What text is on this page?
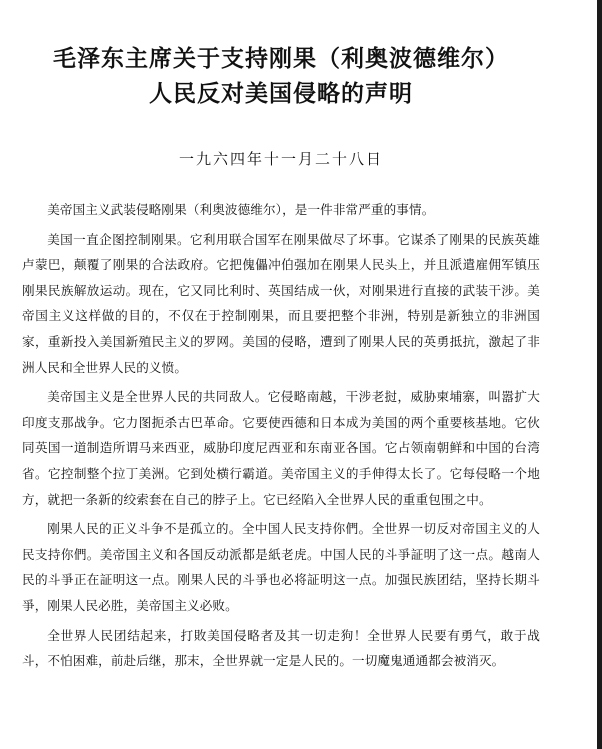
毛泽东主席关于支持刚果（利奥波德维尔）
人民反对美国侵略的声明
一九六四年十一月二十八日

美帝国主义武装侵略刚果（利奥波德维尔），是一件非常严重的事情。

美国一直企图控制刚果。它利用联合国军在刚果做尽了坏事。它谋杀了刚果的民族英雄卢蒙巴，颠覆了刚果的合法政府。它把傀儡冲伯强加在刚果人民头上，并且派遣雇佣军镇压刚果民族解放运动。现在，它又同比利时、英国结成一伙，对刚果进行直接的武装干涉。美帝国主义这样做的目的，不仅在于控制刚果，而且要把整个非洲，特别是新独立的非洲国家，重新投入美国新殖民主义的罗网。美国的侵略，遭到了刚果人民的英勇抵抗，激起了非洲人民和全世界人民的义愤。

美帝国主义是全世界人民的共同敌人。它侵略南越，干涉老挝，威胁柬埔寨，叫嚣扩大印度支那战争。它力图扼杀古巴革命。它要使西德和日本成为美国的两个重要核基地。它伙同英国一道制造所谓马来西亚，威胁印度尼西亚和东南亚各国。它占领南朝鲜和中国的台湾省。它控制整个拉丁美洲。它到处横行霸道。美帝国主义的手伸得太长了。它每侵略一个地方，就把一条新的绞索套在自己的脖子上。它已经陷入全世界人民的重重包围之中。

刚果人民的正义斗争不是孤立的。全中国人民支持你們。全世界一切反对帝国主义的人民支持你們。美帝国主义和各国反动派都是紙老虎。中国人民的斗爭証明了这一点。越南人民的斗爭正在証明这一点。刚果人民的斗爭也必将証明这一点。加强民族团结，坚持长期斗爭，刚果人民必胜，美帝国主义必败。

全世界人民团结起来，打敗美国侵略者及其一切走狗！全世界人民要有勇气，敢于战斗，不怕困难，前赴后继，那末，全世界就一定是人民的。一切魔鬼通通都会被消灭。
